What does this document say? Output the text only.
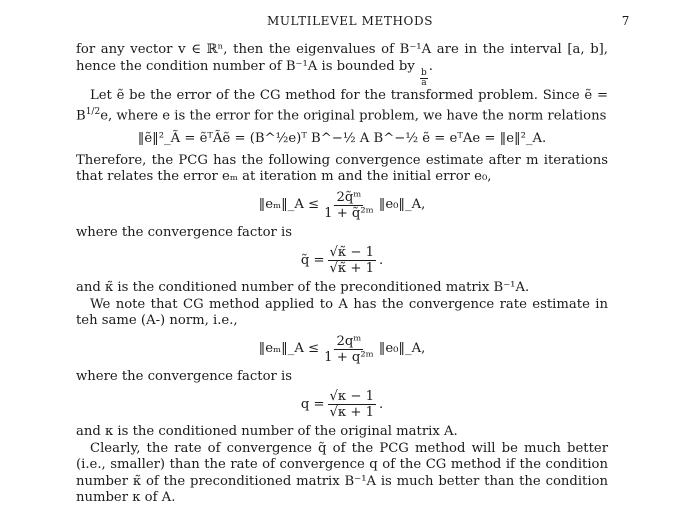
MULTILEVEL METHODS	7

for any vector v ∈ ℝⁿ, then the eigenvalues of B⁻¹A are in the interval [a, b], hence the condition number of B⁻¹A is bounded by
$\frac{b}{a}$
.

Let ẽ be the error of the CG method for the transformed problem. Since ẽ = $B^{1/2}e$, where e is the error for the original problem, we have the norm relations

‖ẽ‖²_Ã = ẽᵀÃẽ = (B^½e)ᵀ B^−½ A B^−½ ẽ = eᵀAe = ‖e‖²_A.

Therefore, the PCG has the following convergence estimate after m iterations that relates the error eₘ at iteration m and the initial error e₀,

‖eₘ‖_A ≤ $\frac{\text{2q̃ᵐ}}{\text{1 + q̃²ᵐ}}$ ‖e₀‖_A,

where the convergence factor is

q̃ = $\frac{√\kappã - 1}{√\kappã + 1}$ .

and κ̃ is the conditioned number of the preconditioned matrix B⁻¹A.

We note that CG method applied to A has the convergence rate estimate in teh same (A-) norm, i.e.,

‖eₘ‖_A ≤ $\frac{\text{2qᵐ}}{\text{1 + q²ᵐ}}$ ‖e₀‖_A,

where the convergence factor is

$q = \frac{√\kappa - 1}{√\kappa + 1}$ .

and κ is the conditioned number of the original matrix A.

Clearly, the rate of convergence q̃ of the PCG method will be much better (i.e., smaller) than the rate of convergence q of the CG method if the condition number κ̃ of the preconditioned matrix B⁻¹A is much better than the condition number κ of A.
